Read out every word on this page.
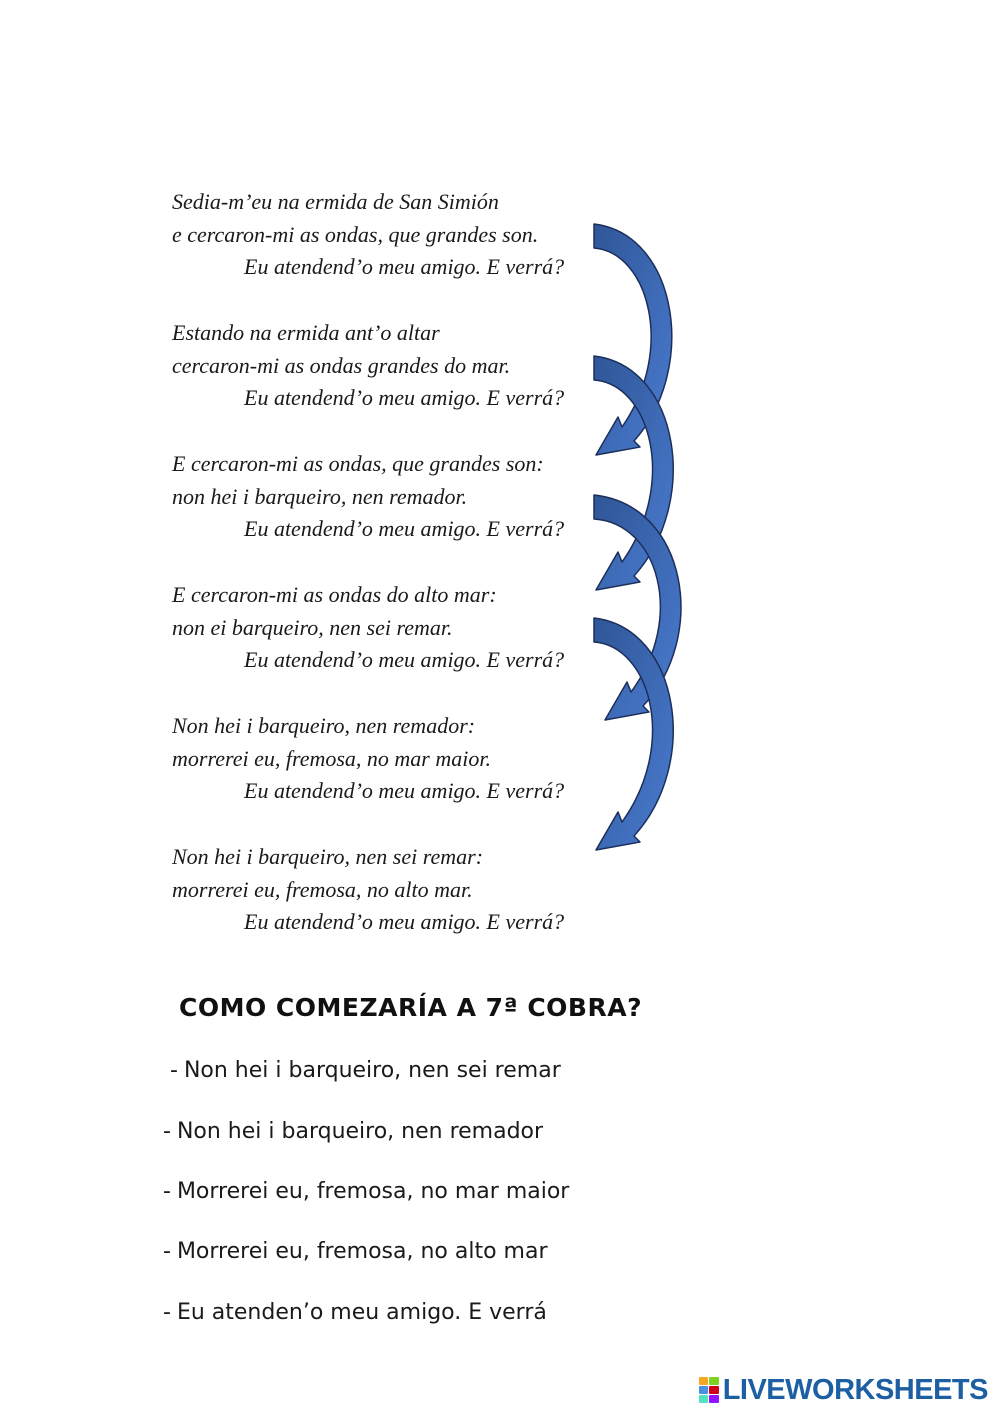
Sedia-m’eu na ermida de San Simión
e cercaron-mi as ondas, que grandes son.
Eu atendend’o meu amigo. E verrá?
Estando na ermida ant’o altar
cercaron-mi as ondas grandes do mar.
Eu atendend’o meu amigo. E verrá?
E cercaron-mi as ondas, que grandes son:
non hei i barqueiro, nen remador.
Eu atendend’o meu amigo. E verrá?
E cercaron-mi as ondas do alto mar:
non ei barqueiro, nen sei remar.
Eu atendend’o meu amigo. E verrá?
Non hei i barqueiro, nen remador:
morrerei eu, fremosa, no mar maior.
Eu atendend’o meu amigo. E verrá?
Non hei i barqueiro, nen sei remar:
morrerei eu, fremosa, no alto mar.
Eu atendend’o meu amigo. E verrá?
COMO COMEZARÍA A 7ª COBRA?
- Non hei i barqueiro, nen sei remar
- Non hei i barqueiro, nen remador
- Morrerei eu, fremosa, no mar maior
- Morrerei eu, fremosa, no alto mar
- Eu atenden’o meu amigo. E verrá
LIVEWORKSHEETS
